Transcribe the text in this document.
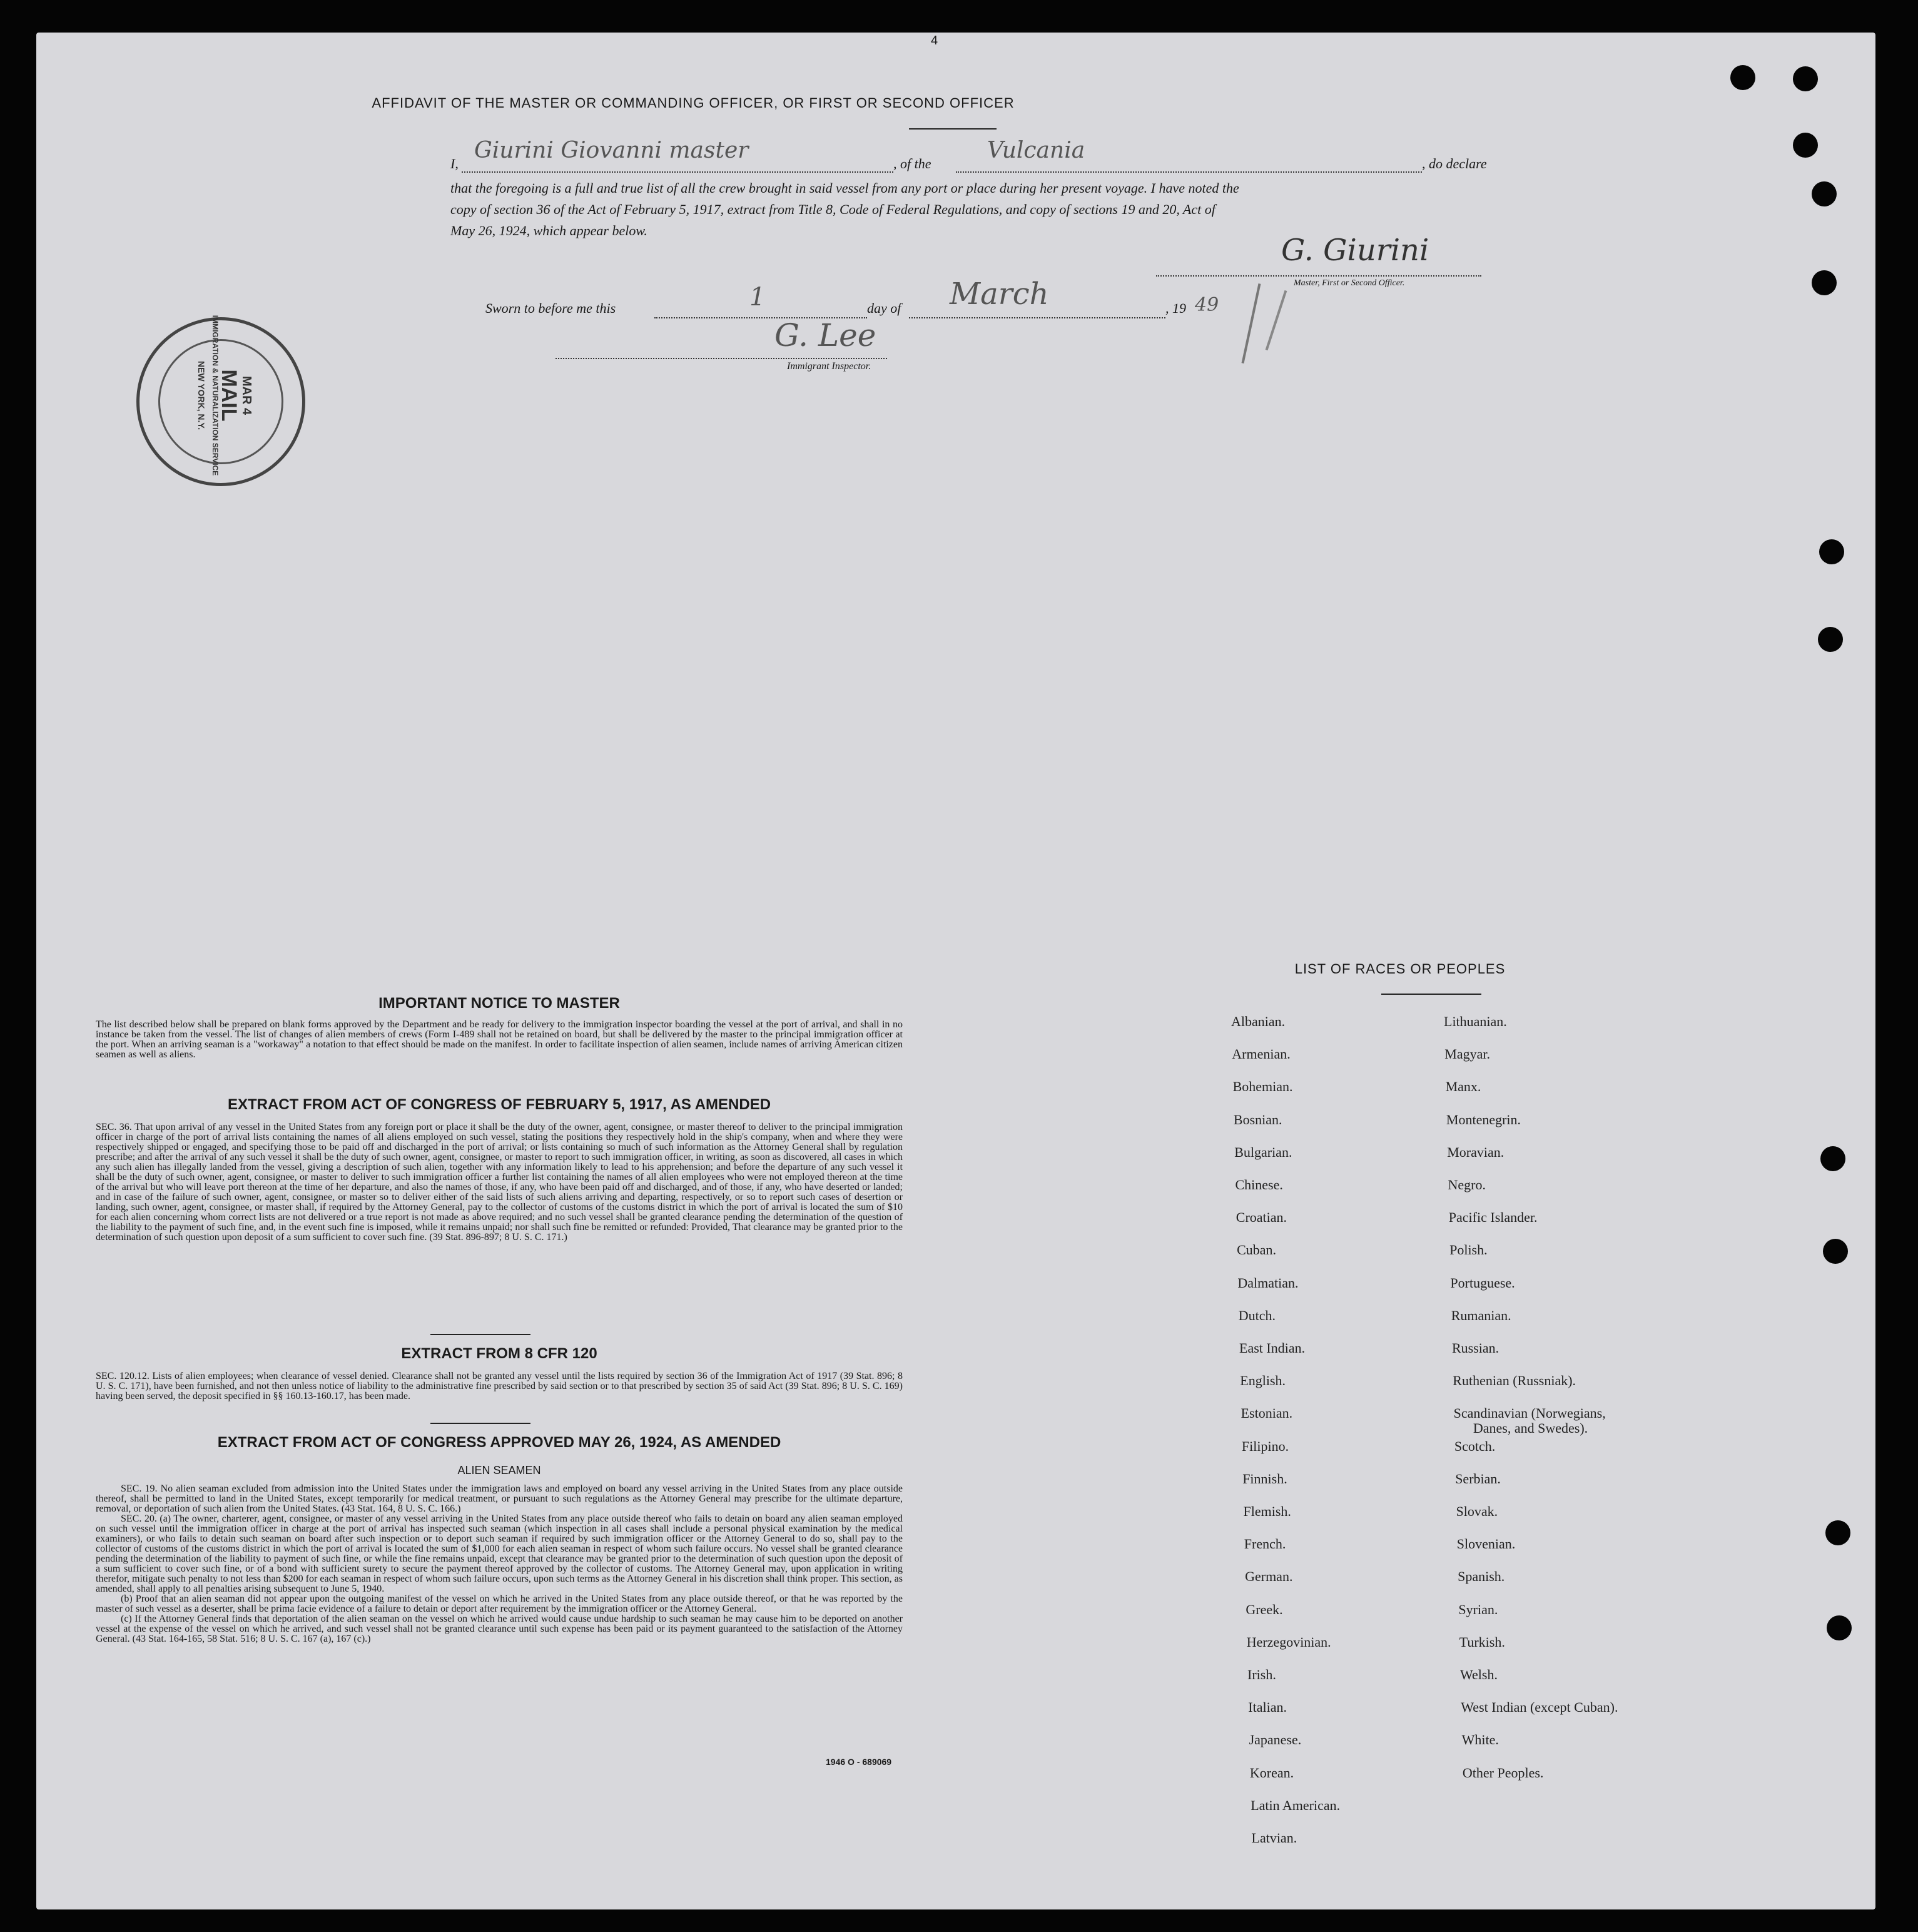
4
AFFIDAVIT OF THE MASTER OR COMMANDING OFFICER, OR FIRST OR SECOND OFFICER
I,
Giurini Giovanni master
, of the
Vulcania
, do declare
that the foregoing is a full and true list of all the crew brought in said vessel from any port or place during her present voyage. I have noted the
copy of section 36 of the Act of February 5, 1917, extract from Title 8, Code of Federal Regulations, and copy of sections 19 and 20, Act of
May 26, 1924, which appear below.
G. Giurini
Master, First or Second Officer.
Sworn to before me this	1	day of March	, 19 49
G. Lee
Immigrant Inspector.
MAR 4
MAIL
IMMIGRATION & NATURALIZATION SERVICE
NEW YORK, N.Y.
IMPORTANT NOTICE TO MASTER
The list described below shall be prepared on blank forms approved by the Department and be ready for delivery to the immigration inspector boarding the vessel at the port of arrival, and shall in no instance be taken from the vessel. The list of changes of alien members of crews (Form I-489 shall not be retained on board, but shall be delivered by the master to the principal immigration officer at the port. When an arriving seaman is a "workaway" a notation to that effect should be made on the manifest. In order to facilitate inspection of alien seamen, include names of arriving American citizen seamen as well as aliens.
EXTRACT FROM ACT OF CONGRESS OF FEBRUARY 5, 1917, AS AMENDED
SEC. 36. That upon arrival of any vessel in the United States from any foreign port or place it shall be the duty of the owner, agent, consignee, or master thereof to deliver to the principal immigration officer in charge of the port of arrival lists containing the names of all aliens employed on such vessel, stating the positions they respectively hold in the ship's company, when and where they were respectively shipped or engaged, and specifying those to be paid off and discharged in the port of arrival; or lists containing so much of such information as the Attorney General shall by regulation prescribe; and after the arrival of any such vessel it shall be the duty of such owner, agent, consignee, or master to report to such immigration officer, in writing, as soon as discovered, all cases in which any such alien has illegally landed from the vessel, giving a description of such alien, together with any information likely to lead to his apprehension; and before the departure of any such vessel it shall be the duty of such owner, agent, consignee, or master to deliver to such immigration officer a further list containing the names of all alien employees who were not employed thereon at the time of the arrival but who will leave port thereon at the time of her departure, and also the names of those, if any, who have been paid off and discharged, and of those, if any, who have deserted or landed; and in case of the failure of such owner, agent, consignee, or master so to deliver either of the said lists of such aliens arriving and departing, respectively, or so to report such cases of desertion or landing, such owner, agent, consignee, or master shall, if required by the Attorney General, pay to the collector of customs of the customs district in which the port of arrival is located the sum of $10 for each alien concerning whom correct lists are not delivered or a true report is not made as above required; and no such vessel shall be granted clearance pending the determination of the question of the liability to the payment of such fine, and, in the event such fine is imposed, while it remains unpaid; nor shall such fine be remitted or refunded: Provided, That clearance may be granted prior to the determination of such question upon deposit of a sum sufficient to cover such fine. (39 Stat. 896-897; 8 U. S. C. 171.)
EXTRACT FROM 8 CFR 120
SEC. 120.12. Lists of alien employees; when clearance of vessel denied. Clearance shall not be granted any vessel until the lists required by section 36 of the Immigration Act of 1917 (39 Stat. 896; 8 U. S. C. 171), have been furnished, and not then unless notice of liability to the administrative fine prescribed by said section or to that prescribed by section 35 of said Act (39 Stat. 896; 8 U. S. C. 169) having been served, the deposit specified in §§ 160.13-160.17, has been made.
EXTRACT FROM ACT OF CONGRESS APPROVED MAY 26, 1924, AS AMENDED
ALIEN SEAMEN
SEC. 19. No alien seaman excluded from admission into the United States under the immigration laws and employed on board any vessel arriving in the United States from any place outside thereof, shall be permitted to land in the United States, except temporarily for medical treatment, or pursuant to such regulations as the Attorney General may prescribe for the ultimate departure, removal, or deportation of such alien from the United States. (43 Stat. 164, 8 U. S. C. 166.)
SEC. 20. (a) The owner, charterer, agent, consignee, or master of any vessel arriving in the United States from any place outside thereof who fails to detain on board any alien seaman employed on such vessel until the immigration officer in charge at the port of arrival has inspected such seaman (which inspection in all cases shall include a personal physical examination by the medical examiners), or who fails to detain such seaman on board after such inspection or to deport such seaman if required by such immigration officer or the Attorney General to do so, shall pay to the collector of customs of the customs district in which the port of arrival is located the sum of $1,000 for each alien seaman in respect of whom such failure occurs. No vessel shall be granted clearance pending the determination of the liability to payment of such fine, or while the fine remains unpaid, except that clearance may be granted prior to the determination of such question upon the deposit of a sum sufficient to cover such fine, or of a bond with sufficient surety to secure the payment thereof approved by the collector of customs. The Attorney General may, upon application in writing therefor, mitigate such penalty to not less than $200 for each seaman in respect of whom such failure occurs, upon such terms as the Attorney General in his discretion shall think proper. This section, as amended, shall apply to all penalties arising subsequent to June 5, 1940.
(b) Proof that an alien seaman did not appear upon the outgoing manifest of the vessel on which he arrived in the United States from any place outside thereof, or that he was reported by the master of such vessel as a deserter, shall be prima facie evidence of a failure to detain or deport after requirement by the immigration officer or the Attorney General.
(c) If the Attorney General finds that deportation of the alien seaman on the vessel on which he arrived would cause undue hardship to such seaman he may cause him to be deported on another vessel at the expense of the vessel on which he arrived, and such vessel shall not be granted clearance until such expense has been paid or its payment guaranteed to the satisfaction of the Attorney General. (43 Stat. 164-165, 58 Stat. 516; 8 U. S. C. 167 (a), 167 (c).)
1946 O - 689069
LIST OF RACES OR PEOPLES
Albanian.
Armenian.
Bohemian.
Bosnian.
Bulgarian.
Chinese.
Croatian.
Cuban.
Dalmatian.
Dutch.
East Indian.
English.
Estonian.
Filipino.
Finnish.
Flemish.
French.
German.
Greek.
Herzegovinian.
Irish.
Italian.
Japanese.
Korean.
Latin American.
Latvian.
Lithuanian.
Magyar.
Manx.
Montenegrin.
Moravian.
Negro.
Pacific Islander.
Polish.
Portuguese.
Rumanian.
Russian.
Ruthenian (Russniak).
Scandinavian (Norwegians,
Danes, and Swedes).
Scotch.
Serbian.
Slovak.
Slovenian.
Spanish.
Syrian.
Turkish.
Welsh.
West Indian (except Cuban).
White.
Other Peoples.
